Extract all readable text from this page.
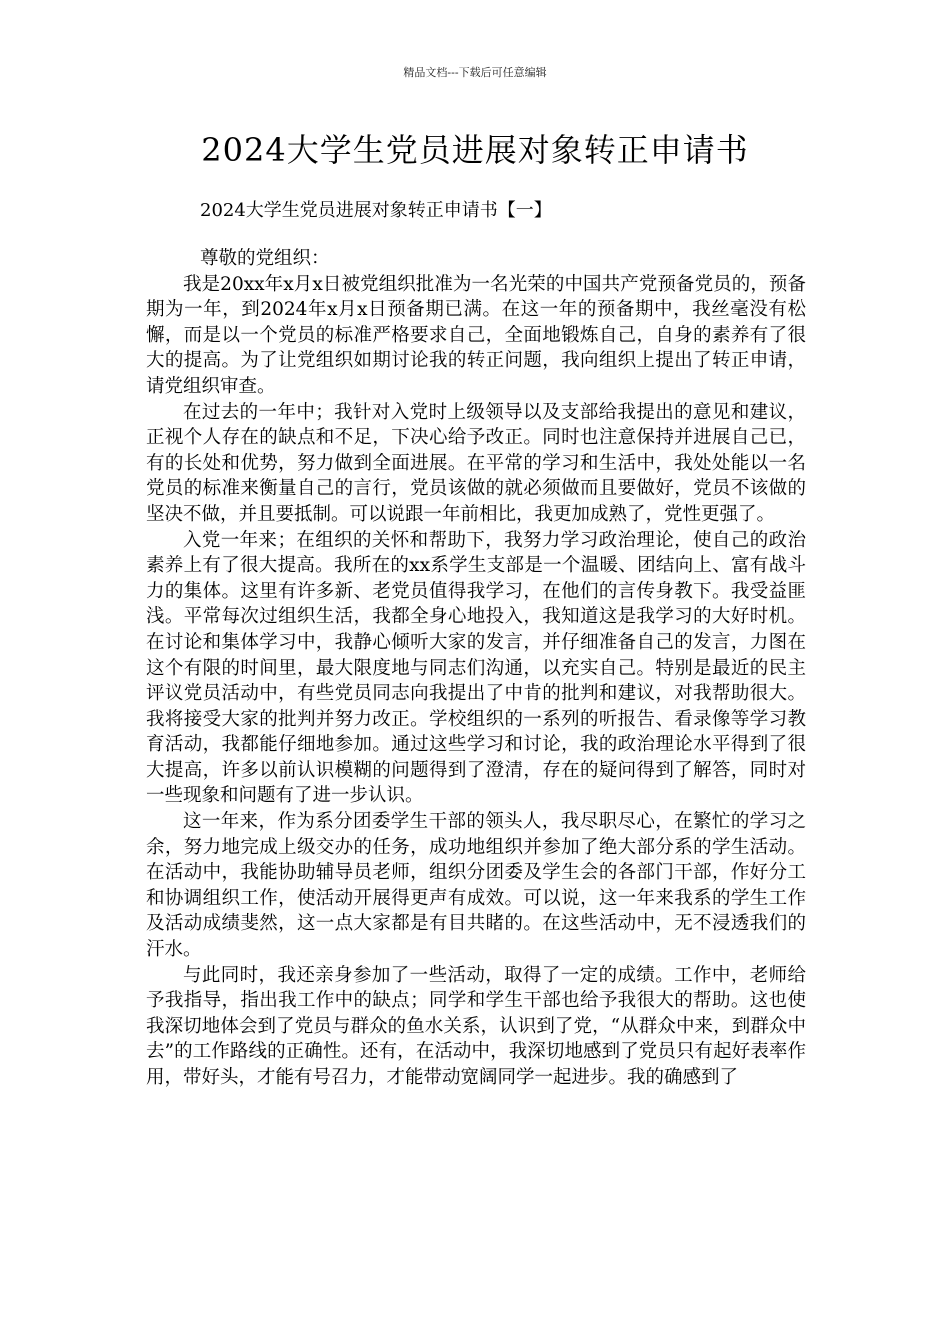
精品文档---下载后可任意编辑
2024大学生党员进展对象转正申请书
2024大学生党员进展对象转正申请书【一】
尊敬的党组织：

我是20xx年x月x日被党组织批准为一名光荣的中国共产党预备党员的，预备期为一年，到2024年x月x日预备期已满。在这一年的预备期中，我丝毫没有松懈，而是以一个党员的标准严格要求自己，全面地锻炼自己，自身的素养有了很大的提高。为了让党组织如期讨论我的转正问题，我向组织上提出了转正申请，请党组织审查。

在过去的一年中；我针对入党时上级领导以及支部给我提出的意见和建议，正视个人存在的缺点和不足，下决心给予改正。同时也注意保持并进展自己已，有的长处和优势，努力做到全面进展。在平常的学习和生活中，我处处能以一名党员的标准来衡量自己的言行，党员该做的就必须做而且要做好，党员不该做的坚决不做，并且要抵制。可以说跟一年前相比，我更加成熟了，党性更强了。

入党一年来；在组织的关怀和帮助下，我努力学习政治理论，使自己的政治素养上有了很大提高。我所在的xx系学生支部是一个温暖、团结向上、富有战斗力的集体。这里有许多新、老党员值得我学习，在他们的言传身教下。我受益匪浅。平常每次过组织生活，我都全身心地投入，我知道这是我学习的大好时机。在讨论和集体学习中，我静心倾听大家的发言，并仔细准备自己的发言，力图在这个有限的时间里，最大限度地与同志们沟通，以充实自己。特别是最近的民主评议党员活动中，有些党员同志向我提出了中肯的批判和建议，对我帮助很大。我将接受大家的批判并努力改正。学校组织的一系列的听报告、看录像等学习教育活动，我都能仔细地参加。通过这些学习和讨论，我的政治理论水平得到了很大提高，许多以前认识模糊的问题得到了澄清，存在的疑问得到了解答，同时对一些现象和问题有了进一步认识。

这一年来，作为系分团委学生干部的领头人，我尽职尽心，在繁忙的学习之余，努力地完成上级交办的任务，成功地组织并参加了绝大部分系的学生活动。在活动中，我能协助辅导员老师，组织分团委及学生会的各部门干部，作好分工和协调组织工作，使活动开展得更声有成效。可以说，这一年来我系的学生工作及活动成绩斐然，这一点大家都是有目共睹的。在这些活动中，无不浸透我们的汗水。

与此同时，我还亲身参加了一些活动，取得了一定的成绩。工作中，老师给予我指导，指出我工作中的缺点；同学和学生干部也给予我很大的帮助。这也使我深切地体会到了党员与群众的鱼水关系，认识到了党，“从群众中来，到群众中去”的工作路线的正确性。还有，在活动中，我深切地感到了党员只有起好表率作用，带好头，才能有号召力，才能带动宽阔同学一起进步。我的确感到了
